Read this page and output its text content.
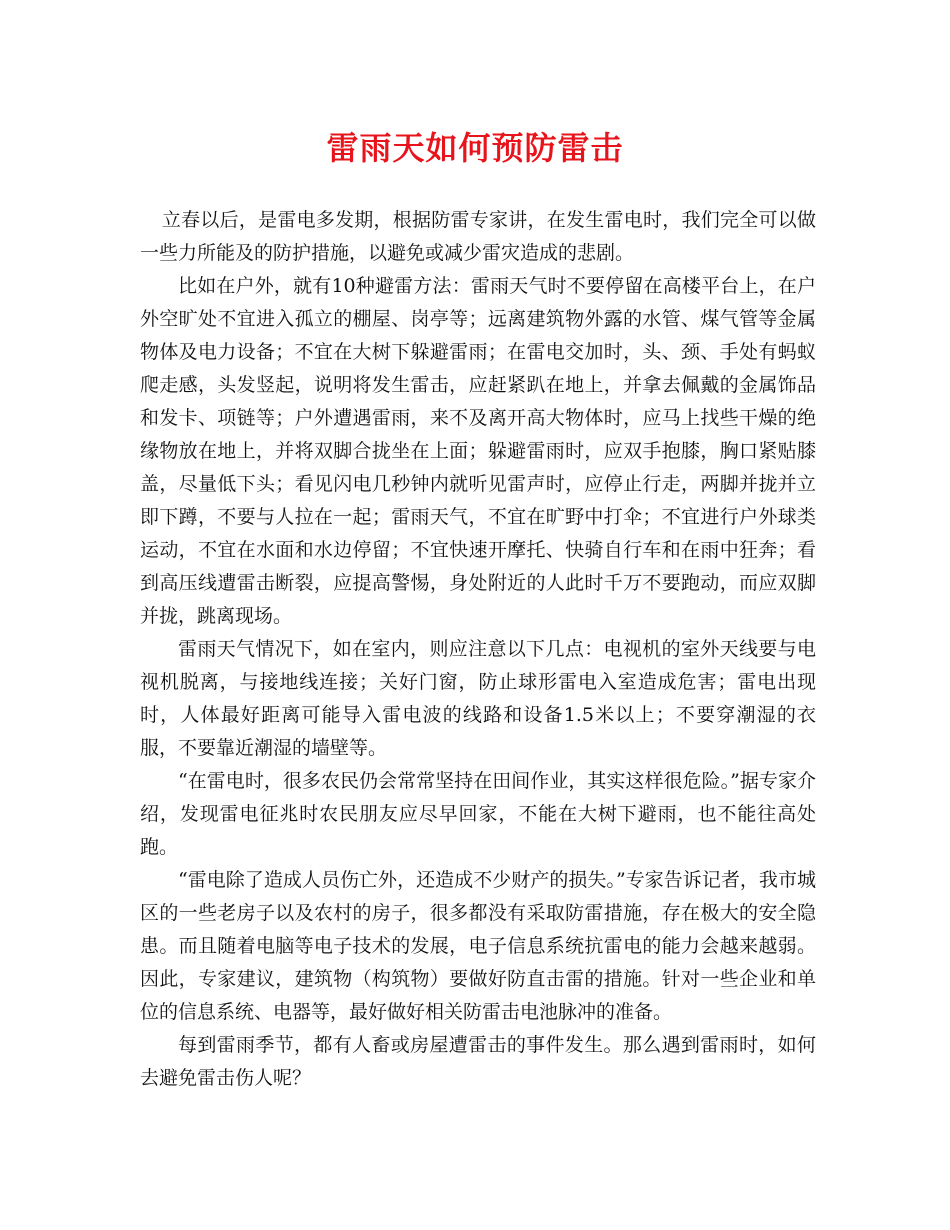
雷雨天如何预防雷击

立春以后，是雷电多发期，根据防雷专家讲，在发生雷电时，我们完全可以做一些力所能及的防护措施，以避免或减少雷灾造成的悲剧。

比如在户外，就有10种避雷方法：雷雨天气时不要停留在高楼平台上，在户外空旷处不宜进入孤立的棚屋、岗亭等；远离建筑物外露的水管、煤气管等金属物体及电力设备；不宜在大树下躲避雷雨；在雷电交加时，头、颈、手处有蚂蚁爬走感，头发竖起，说明将发生雷击，应赶紧趴在地上，并拿去佩戴的金属饰品和发卡、项链等；户外遭遇雷雨，来不及离开高大物体时，应马上找些干燥的绝缘物放在地上，并将双脚合拢坐在上面；躲避雷雨时，应双手抱膝，胸口紧贴膝盖，尽量低下头；看见闪电几秒钟内就听见雷声时，应停止行走，两脚并拢并立即下蹲，不要与人拉在一起；雷雨天气，不宜在旷野中打伞；不宜进行户外球类运动，不宜在水面和水边停留；不宜快速开摩托、快骑自行车和在雨中狂奔；看到高压线遭雷击断裂，应提高警惕，身处附近的人此时千万不要跑动，而应双脚并拢，跳离现场。

雷雨天气情况下，如在室内，则应注意以下几点：电视机的室外天线要与电视机脱离，与接地线连接；关好门窗，防止球形雷电入室造成危害；雷电出现时，人体最好距离可能导入雷电波的线路和设备1.5米以上；不要穿潮湿的衣服，不要靠近潮湿的墙壁等。

“在雷电时，很多农民仍会常常坚持在田间作业，其实这样很危险。”据专家介绍，发现雷电征兆时农民朋友应尽早回家，不能在大树下避雨，也不能往高处跑。

“雷电除了造成人员伤亡外，还造成不少财产的损失。”专家告诉记者，我市城区的一些老房子以及农村的房子，很多都没有采取防雷措施，存在极大的安全隐患。而且随着电脑等电子技术的发展，电子信息系统抗雷电的能力会越来越弱。因此，专家建议，建筑物（构筑物）要做好防直击雷的措施。针对一些企业和单位的信息系统、电器等，最好做好相关防雷击电池脉冲的准备。

每到雷雨季节，都有人畜或房屋遭雷击的事件发生。那么遇到雷雨时，如何去避免雷击伤人呢？
